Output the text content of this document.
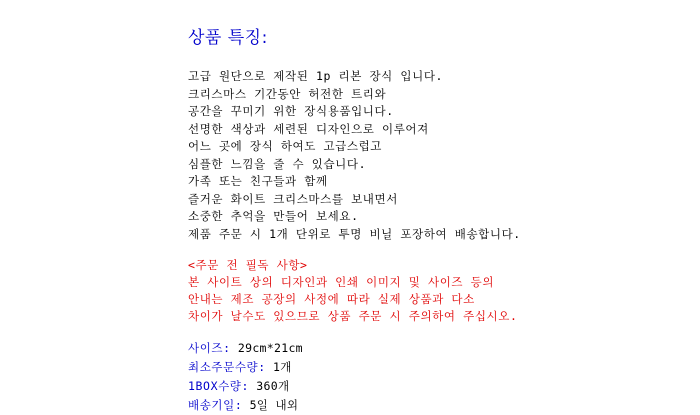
상품 특징:
고급 원단으로 제작된 1p 리본 장식 입니다.
크리스마스 기간동안 허전한 트리와
공간을 꾸미기 위한 장식용품입니다.
선명한 색상과 세련된 디자인으로 이루어져
어느 곳에 장식 하여도 고급스럽고
심플한 느낌을 줄 수 있습니다.
가족 또는 친구들과 함께
즐거운 화이트 크리스마스를 보내면서
소중한 추억을 만들어 보세요.
제품 주문 시 1개 단위로 투명 비닐 포장하여 배송합니다.
<주문 전 필독 사항>
본 사이트 상의 디자인과 인쇄 이미지 및 사이즈 등의
안내는 제조 공장의 사정에 따라 실제 상품과 다소
차이가 날수도 있으므로 상품 주문 시 주의하여 주십시오.
사이즈: 29cm*21cm
최소주문수량: 1개
1BOX수량: 360개
배송기일: 5일 내외
